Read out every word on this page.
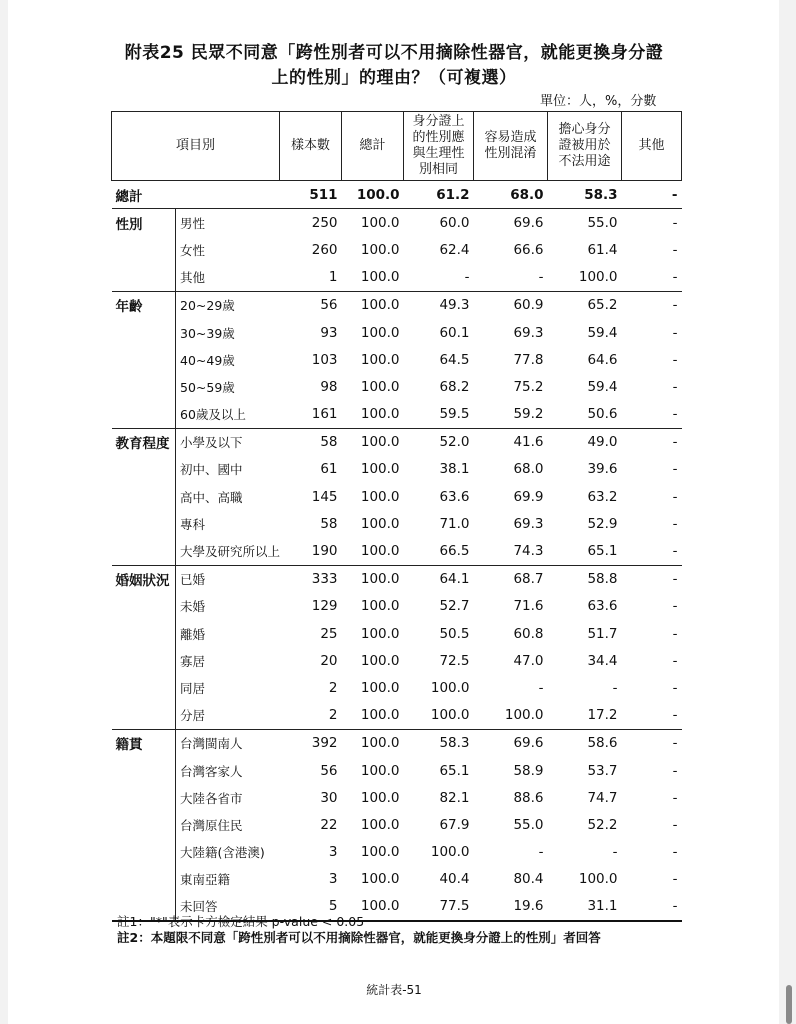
附表25 民眾不同意「跨性別者可以不用摘除性器官，就能更換身分證
上的性別」的理由？（可複選）
單位：人，%，分數
項目別		樣本數	總計	身分證上的性別應與生理性別相同	容易造成性別混淆	擔心身分證被用於不法用途	其他
總計		511	100.0	61.2	68.0	58.3	-
性別	男性	250	100.0	60.0	69.6	55.0	-
	女性	260	100.0	62.4	66.6	61.4	-
	其他	1	100.0	-	-	100.0	-
年齡	20~29歲	56	100.0	49.3	60.9	65.2	-
	30~39歲	93	100.0	60.1	69.3	59.4	-
	40~49歲	103	100.0	64.5	77.8	64.6	-
	50~59歲	98	100.0	68.2	75.2	59.4	-
	60歲及以上	161	100.0	59.5	59.2	50.6	-
教育程度	小學及以下	58	100.0	52.0	41.6	49.0	-
	初中、國中	61	100.0	38.1	68.0	39.6	-
	高中、高職	145	100.0	63.6	69.9	63.2	-
	專科	58	100.0	71.0	69.3	52.9	-
	大學及研究所以上	190	100.0	66.5	74.3	65.1	-
婚姻狀況	已婚	333	100.0	64.1	68.7	58.8	-
	未婚	129	100.0	52.7	71.6	63.6	-
	離婚	25	100.0	50.5	60.8	51.7	-
	寡居	20	100.0	72.5	47.0	34.4	-
	同居	2	100.0	100.0	-	-	-
	分居	2	100.0	100.0	100.0	17.2	-
籍貫	台灣閩南人	392	100.0	58.3	69.6	58.6	-
	台灣客家人	56	100.0	65.1	58.9	53.7	-
	大陸各省市	30	100.0	82.1	88.6	74.7	-
	台灣原住民	22	100.0	67.9	55.0	52.2	-
	大陸籍(含港澳)	3	100.0	100.0	-	-	-
	東南亞籍	3	100.0	40.4	80.4	100.0	-
	未回答	5	100.0	77.5	19.6	31.1	-
註1："*"表示卡方檢定結果 p-value < 0.05
註2：本題限不同意「跨性別者可以不用摘除性器官，就能更換身分證上的性別」者回答
統計表-51
